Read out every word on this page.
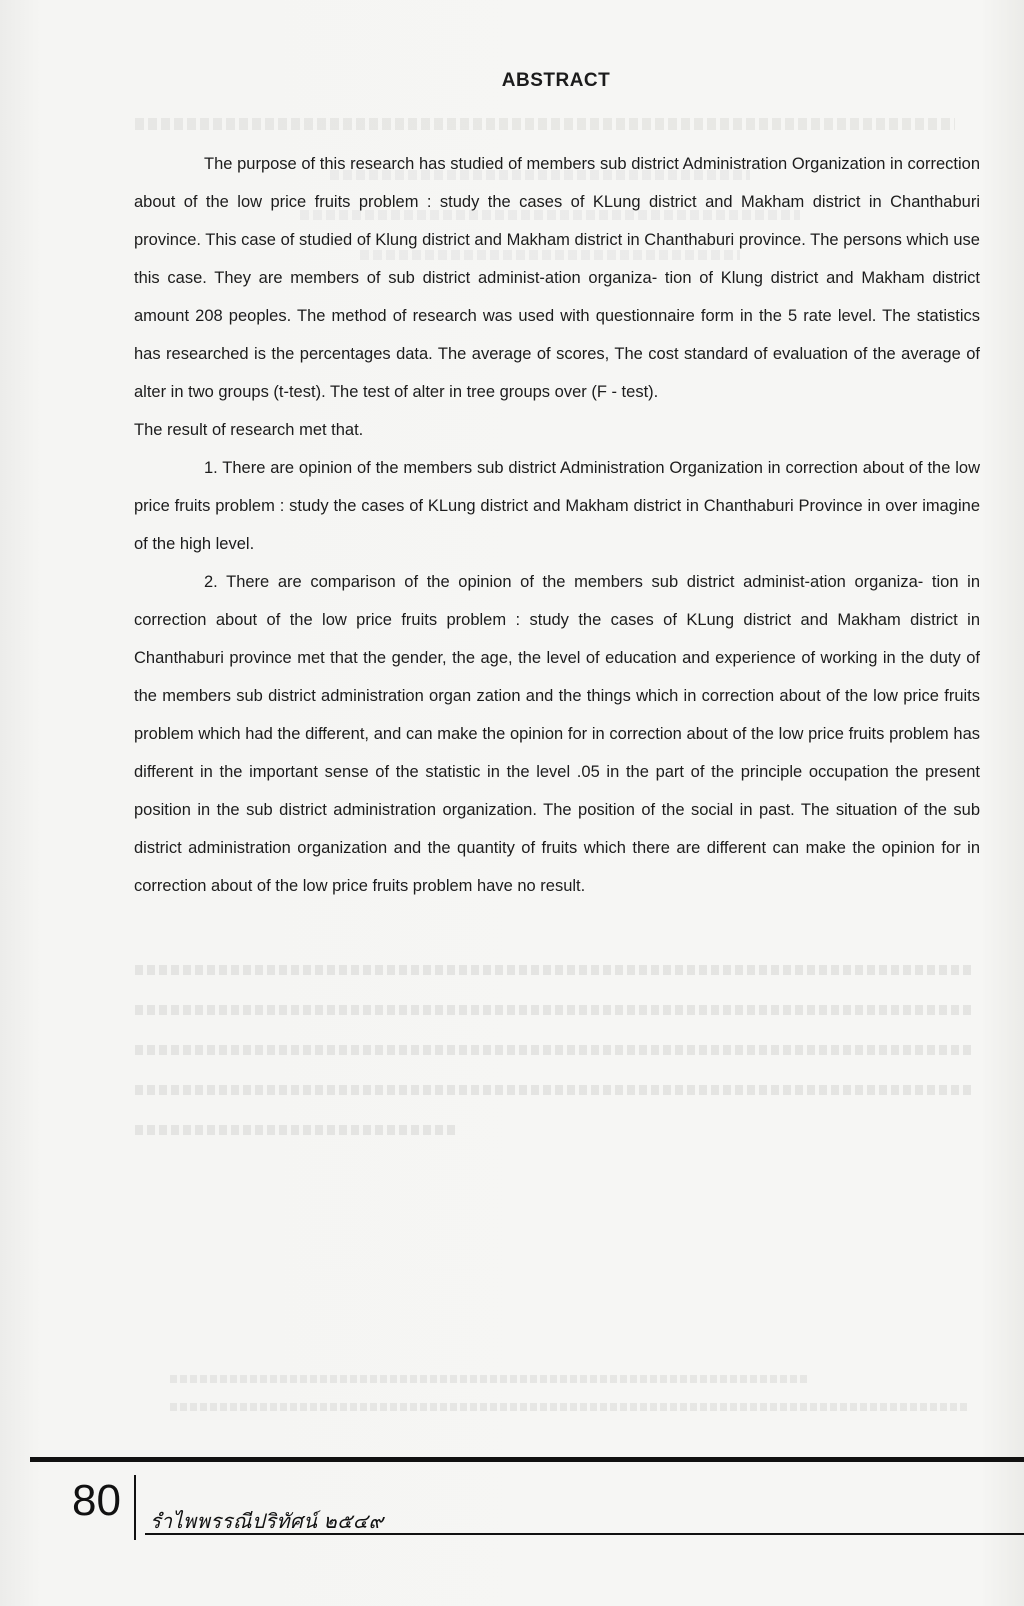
ABSTRACT

The purpose of this research has studied of members sub district Administration Organization in correction about of the low price fruits problem : study the cases of KLung district and Makham district in Chanthaburi province. This case of studied of Klung district and Makham district in Chanthaburi province. The persons which use this case. They are members of sub district administ-ation organiza- tion of Klung district and Makham district amount 208 peoples. The method of research was used with questionnaire form in the 5 rate level. The statistics has researched is the percentages data. The average of scores, The cost standard of evaluation of the average of alter in two groups (t-test). The test of alter in tree groups over (F - test).

The result of research met that.

1. There are opinion of the members sub district Administration Organization in correction about of the low price fruits problem : study the cases of KLung district and Makham district in Chanthaburi Province in over imagine of the high level.

2. There are comparison of the opinion of the members sub district administ-ation organiza- tion in correction about of the low price fruits problem : study the cases of KLung district and Makham district in Chanthaburi province met that the gender, the age, the level of education and experience of working in the duty of the members sub district administration organ zation and the things which in correction about of the low price fruits problem which had the different, and can make the opinion for in correction about of the low price fruits problem has different in the important sense of the statistic in the level .05 in the part of the principle occupation the present position in the sub district administration organization. The position of the social in past. The situation of the sub district administration organization and the quantity of fruits which there are different can make the opinion for in correction about of the low price fruits problem have no result.

80 รำไพพรรณีปริทัศน์ ๒๕๔๙
